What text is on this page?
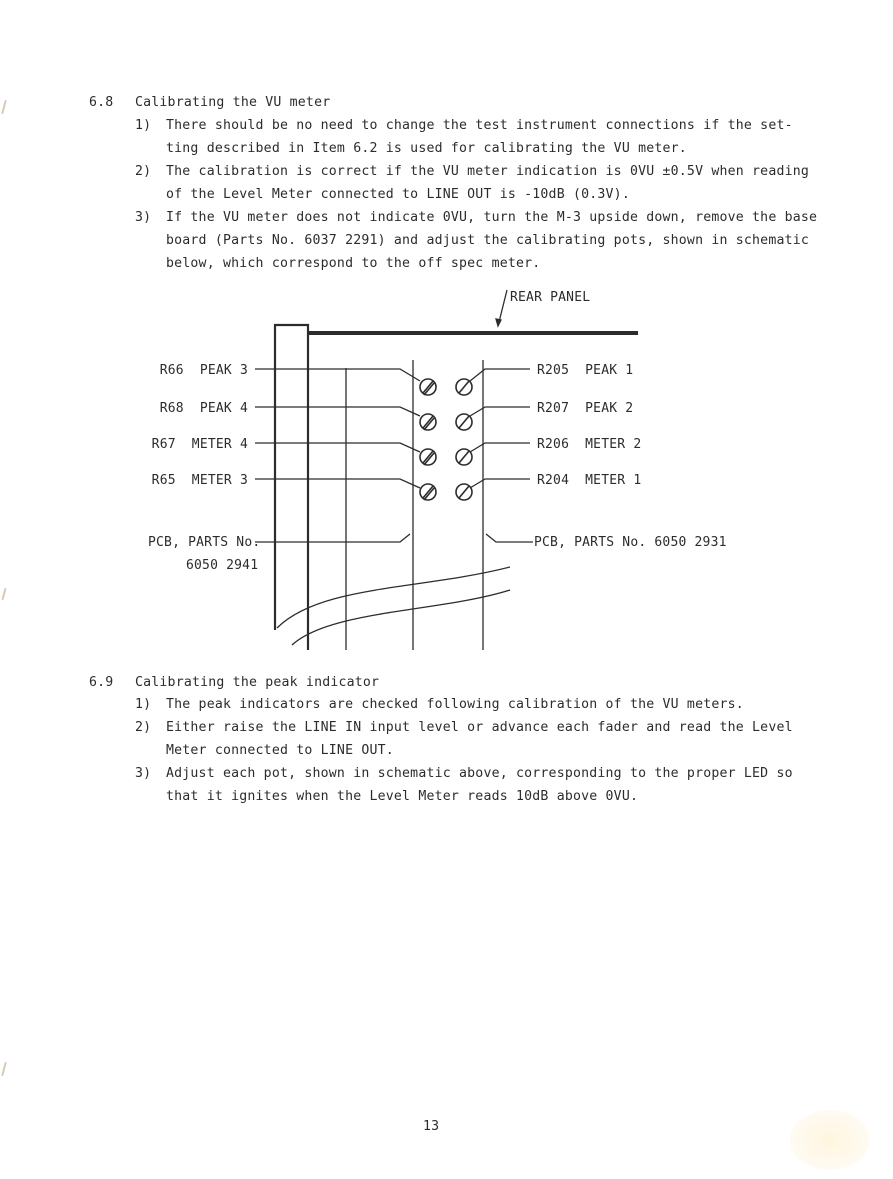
6.8 Calibrating the VU meter
1) There should be no need to change the test instrument connections if the set-
ting described in Item 6.2 is used for calibrating the VU meter.
2) The calibration is correct if the VU meter indication is 0VU ±0.5V when reading
of the Level Meter connected to LINE OUT is -10dB (0.3V).
3) If the VU meter does not indicate 0VU, turn the M-3 upside down, remove the base
board (Parts No. 6037 2291) and adjust the calibrating pots, shown in schematic
below, which correspond to the off spec meter.
REAR PANEL
R66  PEAK 3
R68  PEAK 4
R67  METER 4
R65  METER 3
R205  PEAK 1
R207  PEAK 2
R206  METER 2
R204  METER 1
PCB, PARTS No.
6050 2941
PCB, PARTS No. 6050 2931
6.9 Calibrating the peak indicator
1) The peak indicators are checked following calibration of the VU meters.
2) Either raise the LINE IN input level or advance each fader and read the Level
Meter connected to LINE OUT.
3) Adjust each pot, shown in schematic above, corresponding to the proper LED so
that it ignites when the Level Meter reads 10dB above 0VU.
13
